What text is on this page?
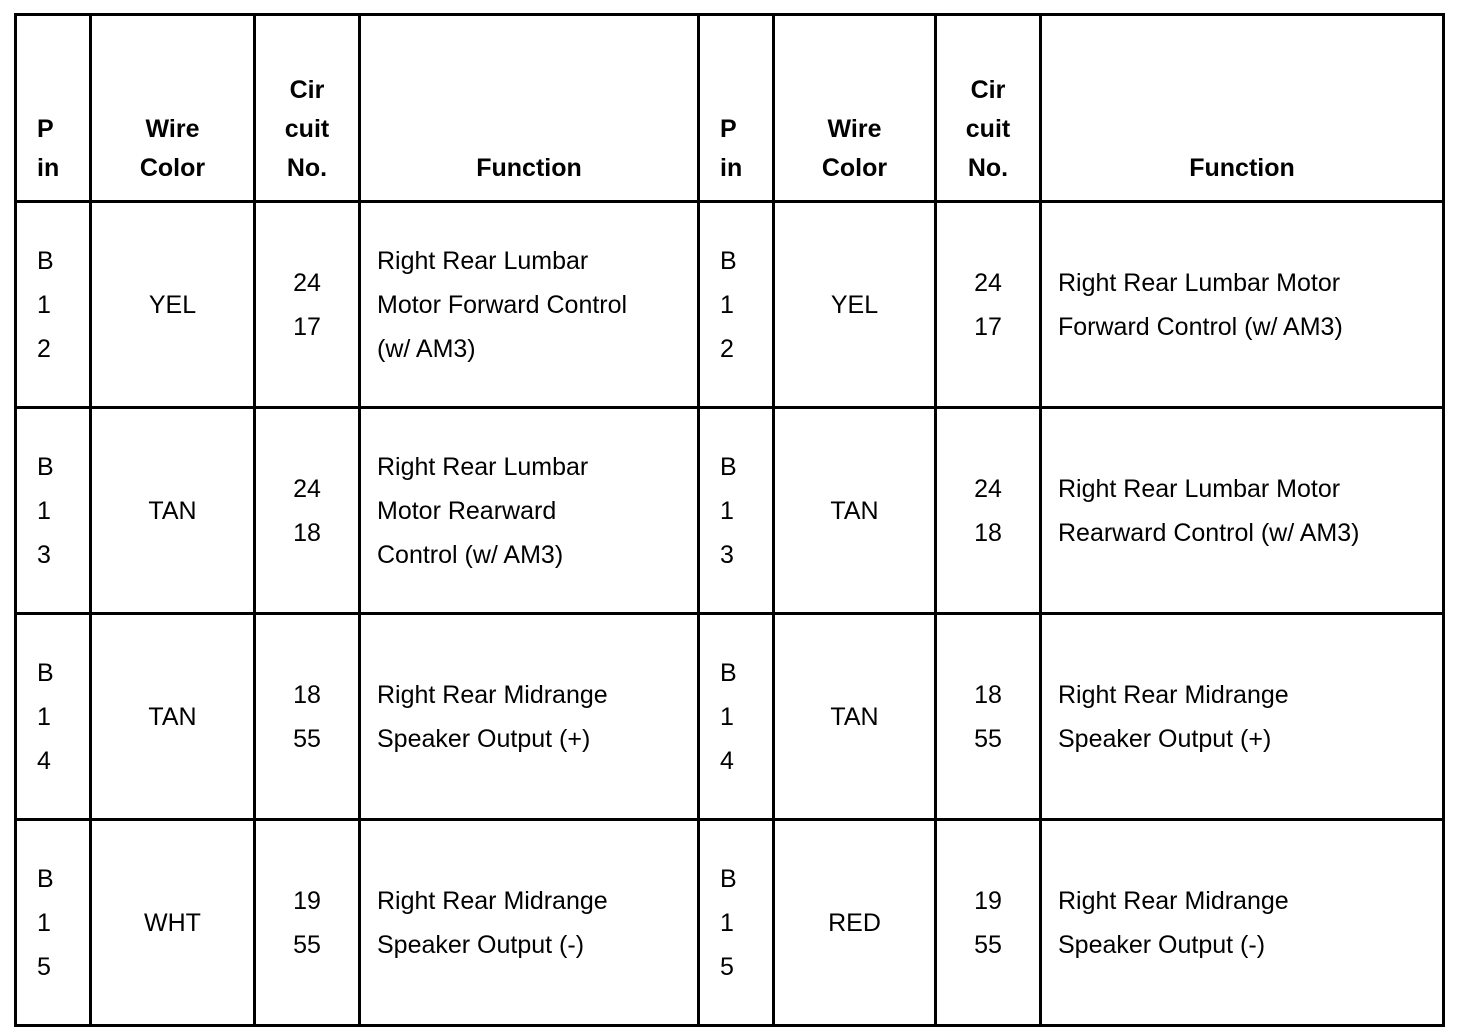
P
in	Wire
Color	Cir
cuit
No.	Function	P
in	Wire
Color	Cir
cuit
No.	Function

B
1
2	YEL	24
17	Right Rear Lumbar
Motor Forward Control
(w/ AM3)	B
1
2	YEL	24
17	Right Rear Lumbar Motor
Forward Control (w/ AM3)

B
1
3	TAN	24
18	Right Rear Lumbar
Motor Rearward
Control (w/ AM3)	B
1
3	TAN	24
18	Right Rear Lumbar Motor
Rearward Control (w/ AM3)

B
1
4	TAN	18
55	Right Rear Midrange
Speaker Output (+)	B
1
4	TAN	18
55	Right Rear Midrange
Speaker Output (+)

B
1
5	WHT	19
55	Right Rear Midrange
Speaker Output (-)	B
1
5	RED	19
55	Right Rear Midrange
Speaker Output (-)
